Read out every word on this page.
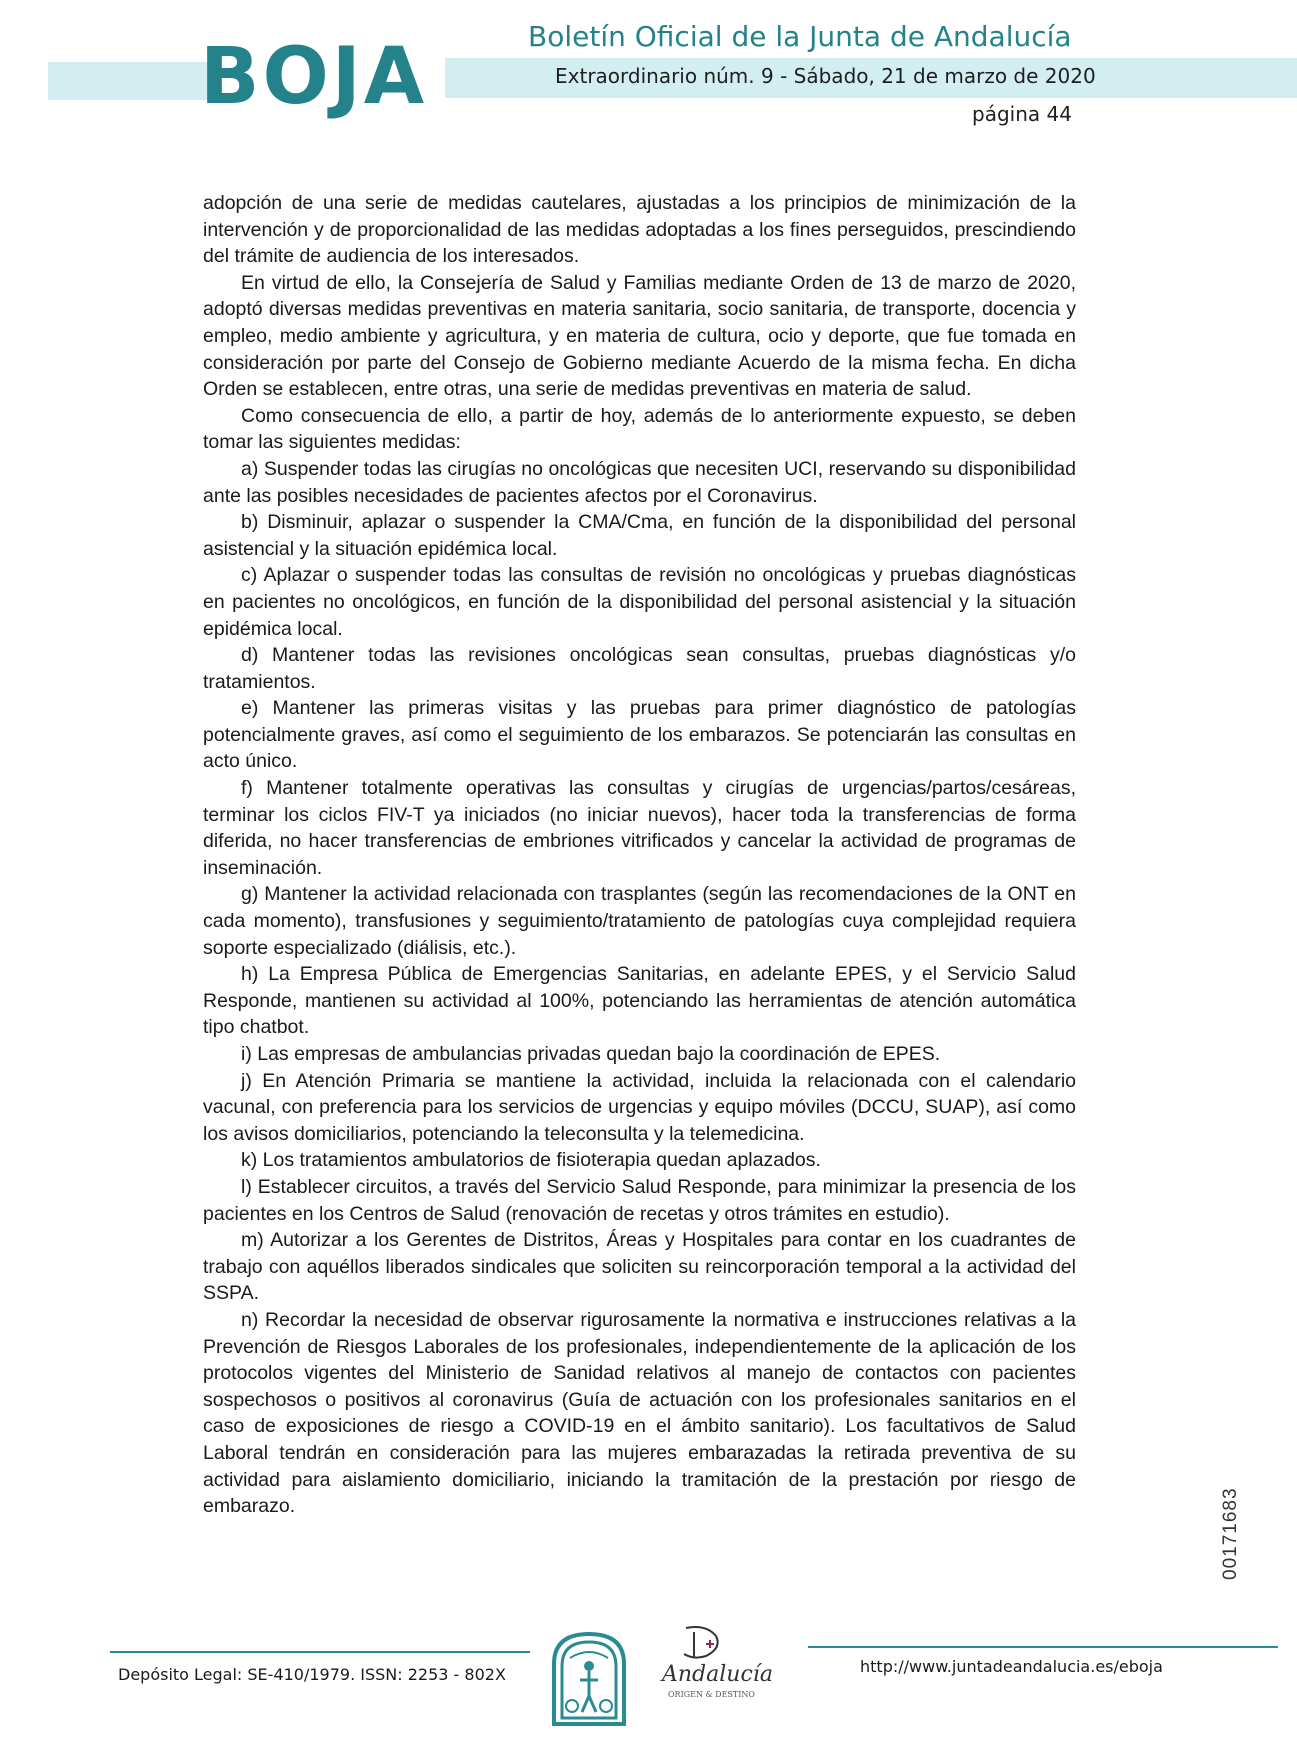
BOJA	Boletín Oficial de la Junta de Andalucía
Extraordinario núm. 9 - Sábado, 21 de marzo de 2020
página 44

adopción de una serie de medidas cautelares, ajustadas a los principios de minimización de la intervención y de proporcionalidad de las medidas adoptadas a los fines perseguidos, prescindiendo del trámite de audiencia de los interesados.

En virtud de ello, la Consejería de Salud y Familias mediante Orden de 13 de marzo de 2020, adoptó diversas medidas preventivas en materia sanitaria, socio sanitaria, de transporte, docencia y empleo, medio ambiente y agricultura, y en materia de cultura, ocio y deporte, que fue tomada en consideración por parte del Consejo de Gobierno mediante Acuerdo de la misma fecha. En dicha Orden se establecen, entre otras, una serie de medidas preventivas en materia de salud.

Como consecuencia de ello, a partir de hoy, además de lo anteriormente expuesto, se deben tomar las siguientes medidas:

a) Suspender todas las cirugías no oncológicas que necesiten UCI, reservando su disponibilidad ante las posibles necesidades de pacientes afectos por el Coronavirus.

b) Disminuir, aplazar o suspender la CMA/Cma, en función de la disponibilidad del personal asistencial y la situación epidémica local.

c) Aplazar o suspender todas las consultas de revisión no oncológicas y pruebas diagnósticas en pacientes no oncológicos, en función de la disponibilidad del personal asistencial y la situación epidémica local.

d) Mantener todas las revisiones oncológicas sean consultas, pruebas diagnósticas y/o tratamientos.

e) Mantener las primeras visitas y las pruebas para primer diagnóstico de patologías potencialmente graves, así como el seguimiento de los embarazos. Se potenciarán las consultas en acto único.

f) Mantener totalmente operativas las consultas y cirugías de urgencias/partos/cesáreas, terminar los ciclos FIV-T ya iniciados (no iniciar nuevos), hacer toda la transferencias de forma diferida, no hacer transferencias de embriones vitrificados y cancelar la actividad de programas de inseminación.

g) Mantener la actividad relacionada con trasplantes (según las recomendaciones de la ONT en cada momento), transfusiones y seguimiento/tratamiento de patologías cuya complejidad requiera soporte especializado (diálisis, etc.).

h) La Empresa Pública de Emergencias Sanitarias, en adelante EPES, y el Servicio Salud Responde, mantienen su actividad al 100%, potenciando las herramientas de atención automática tipo chatbot.

i) Las empresas de ambulancias privadas quedan bajo la coordinación de EPES.

j) En Atención Primaria se mantiene la actividad, incluida la relacionada con el calendario vacunal, con preferencia para los servicios de urgencias y equipo móviles (DCCU, SUAP), así como los avisos domiciliarios, potenciando la teleconsulta y la telemedicina.

k) Los tratamientos ambulatorios de fisioterapia quedan aplazados.

l) Establecer circuitos, a través del Servicio Salud Responde, para minimizar la presencia de los pacientes en los Centros de Salud (renovación de recetas y otros trámites en estudio).

m) Autorizar a los Gerentes de Distritos, Áreas y Hospitales para contar en los cuadrantes de trabajo con aquéllos liberados sindicales que soliciten su reincorporación temporal a la actividad del SSPA.

n) Recordar la necesidad de observar rigurosamente la normativa e instrucciones relativas a la Prevención de Riesgos Laborales de los profesionales, independientemente de la aplicación de los protocolos vigentes del Ministerio de Sanidad relativos al manejo de contactos con pacientes sospechosos o positivos al coronavirus (Guía de actuación con los profesionales sanitarios en el caso de exposiciones de riesgo a COVID-19 en el ámbito sanitario). Los facultativos de Salud Laboral tendrán en consideración para las mujeres embarazadas la retirada preventiva de su actividad para aislamiento domiciliario, iniciando la tramitación de la prestación por riesgo de embarazo.	00171683
Depósito Legal: SE-410/1979. ISSN: 2253 - 802X	http://www.juntadeandalucia.es/eboja
Andalucía
ORIGEN & DESTINO
